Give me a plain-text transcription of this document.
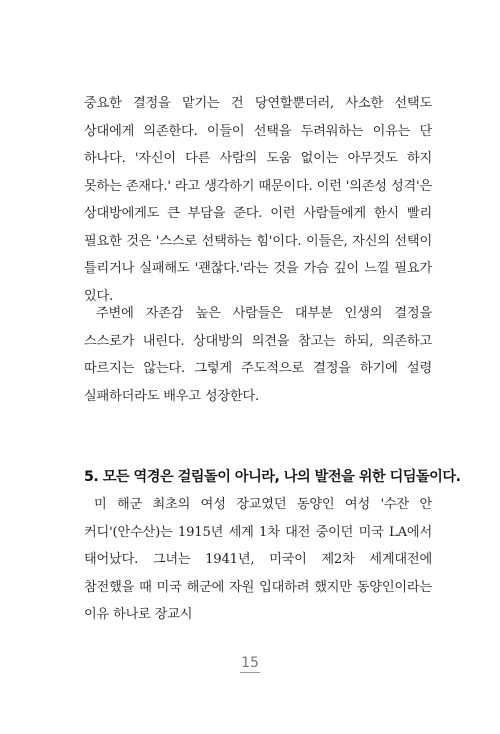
중요한 결정을 맡기는 건 당연할뿐더러, 사소한 선택도 상대에게 의존한다. 이들이 선택을 두려워하는 이유는 단 하나다. '자신이 다른 사람의 도움 없이는 아무것도 하지 못하는 존재다.' 라고 생각하기 때문이다. 이런 '의존성 성격'은 상대방에게도 큰 부담을 준다. 이런 사람들에게 한시 빨리 필요한 것은 '스스로 선택하는 힘'이다. 이들은, 자신의 선택이 틀리거나 실패해도 '괜찮다.'라는 것을 가슴 깊이 느낄 필요가 있다.

주변에 자존감 높은 사람들은 대부분 인생의 결정을 스스로가 내린다. 상대방의 의견을 참고는 하되, 의존하고 따르지는 않는다. 그렇게 주도적으로 결정을 하기에 설령 실패하더라도 배우고 성장한다.

5. 모든 역경은 걸림돌이 아니라, 나의 발전을 위한 디딤돌이다.

미 해군 최초의 여성 장교였던 동양인 여성 '수잔 안 커디'(안수산)는 1915년 세계 1차 대전 중이던 미국 LA에서 태어났다. 그녀는 1941년, 미국이 제2차 세계대전에 참전했을 때 미국 해군에 자원 입대하려 했지만 동양인이라는 이유 하나로 장교시

15
